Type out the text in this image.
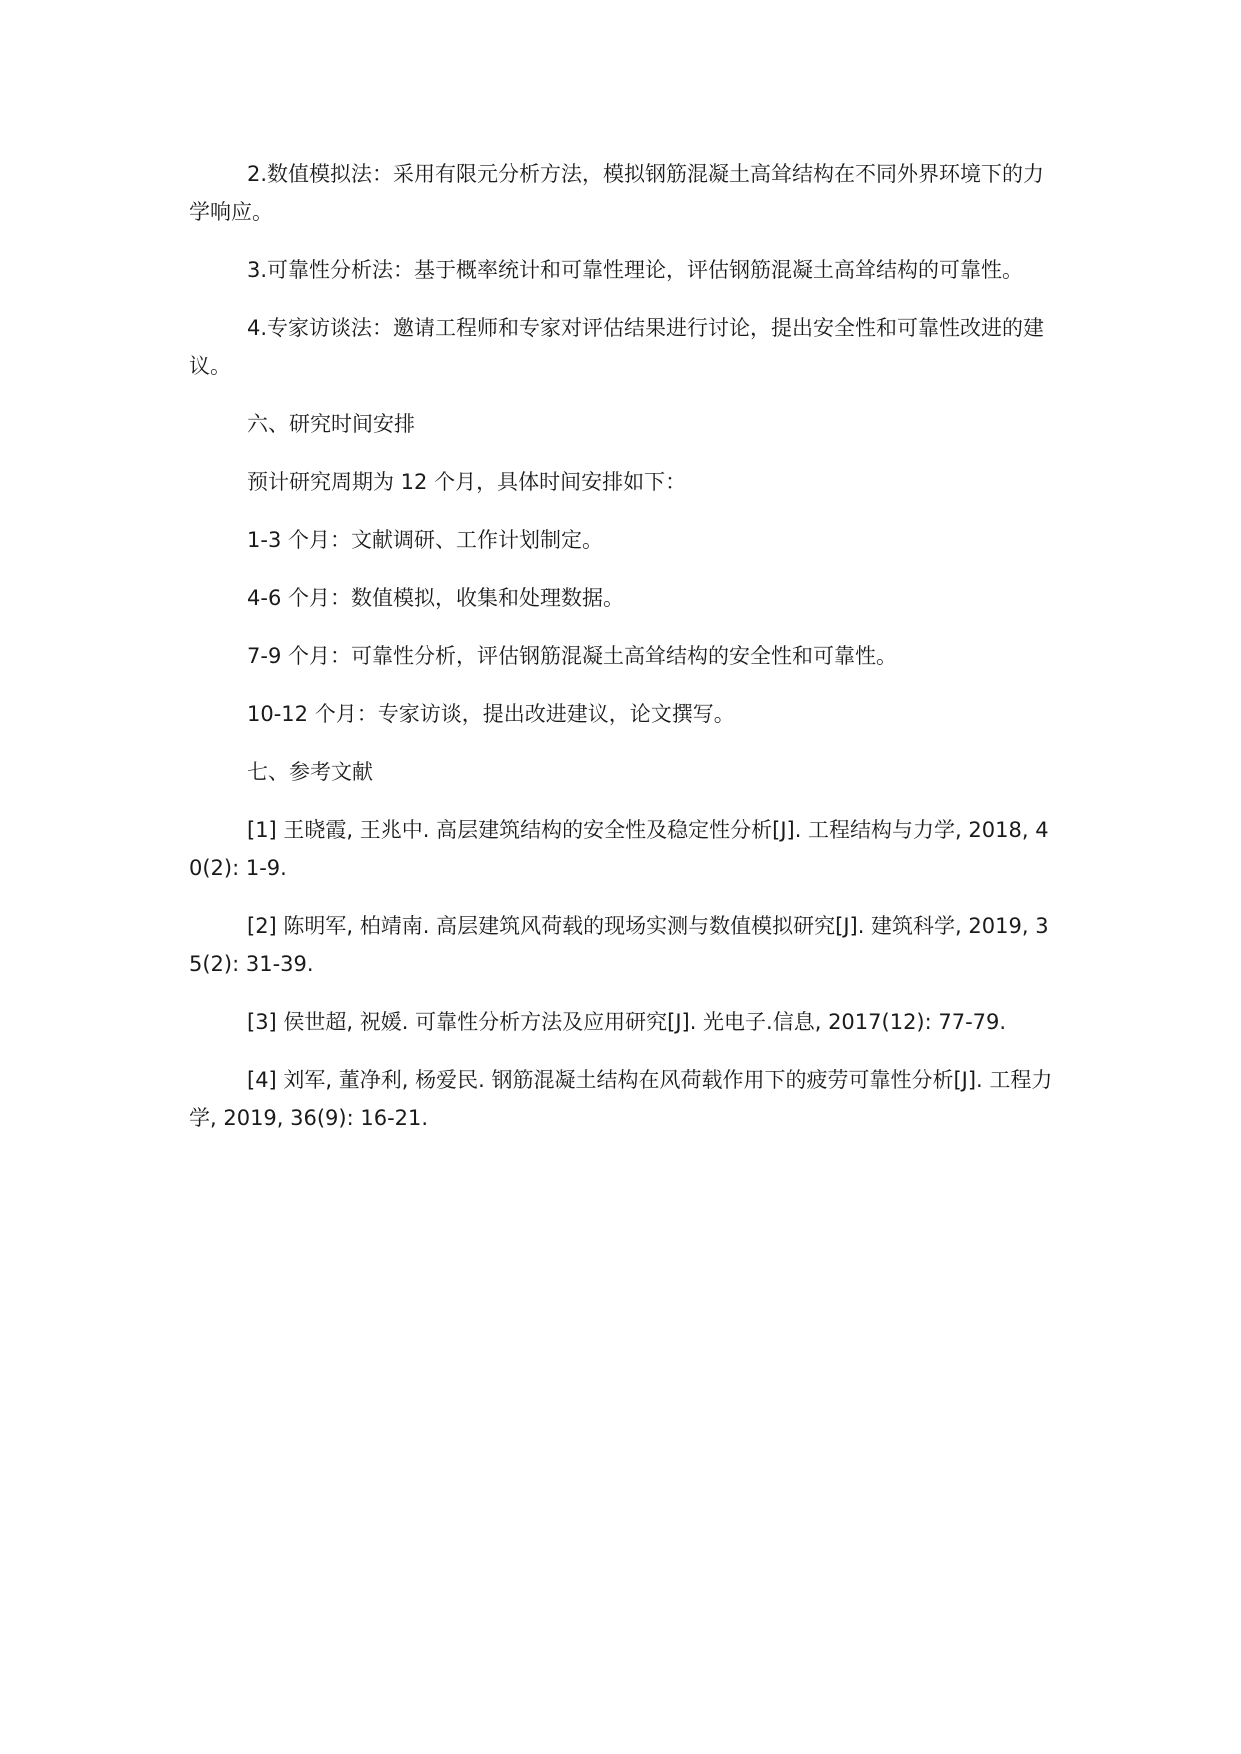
2.数值模拟法：采用有限元分析方法，模拟钢筋混凝土高耸结构在不同外界环境下的力学响应。

3.可靠性分析法：基于概率统计和可靠性理论，评估钢筋混凝土高耸结构的可靠性。

4.专家访谈法：邀请工程师和专家对评估结果进行讨论，提出安全性和可靠性改进的建议。

六、研究时间安排

预计研究周期为 12 个月，具体时间安排如下：

1-3 个月：文献调研、工作计划制定。

4-6 个月：数值模拟，收集和处理数据。

7-9 个月：可靠性分析，评估钢筋混凝土高耸结构的安全性和可靠性。

10-12 个月：专家访谈，提出改进建议，论文撰写。

七、参考文献

[1] 王晓霞, 王兆中. 高层建筑结构的安全性及稳定性分析[J]. 工程结构与力学, 2018, 40(2): 1-9.

[2] 陈明军, 柏靖南. 高层建筑风荷载的现场实测与数值模拟研究[J]. 建筑科学, 2019, 35(2): 31-39.

[3] 侯世超, 祝媛. 可靠性分析方法及应用研究[J]. 光电子.信息, 2017(12): 77-79.

[4] 刘军, 董净利, 杨爱民. 钢筋混凝土结构在风荷载作用下的疲劳可靠性分析[J]. 工程力学, 2019, 36(9): 16-21.
